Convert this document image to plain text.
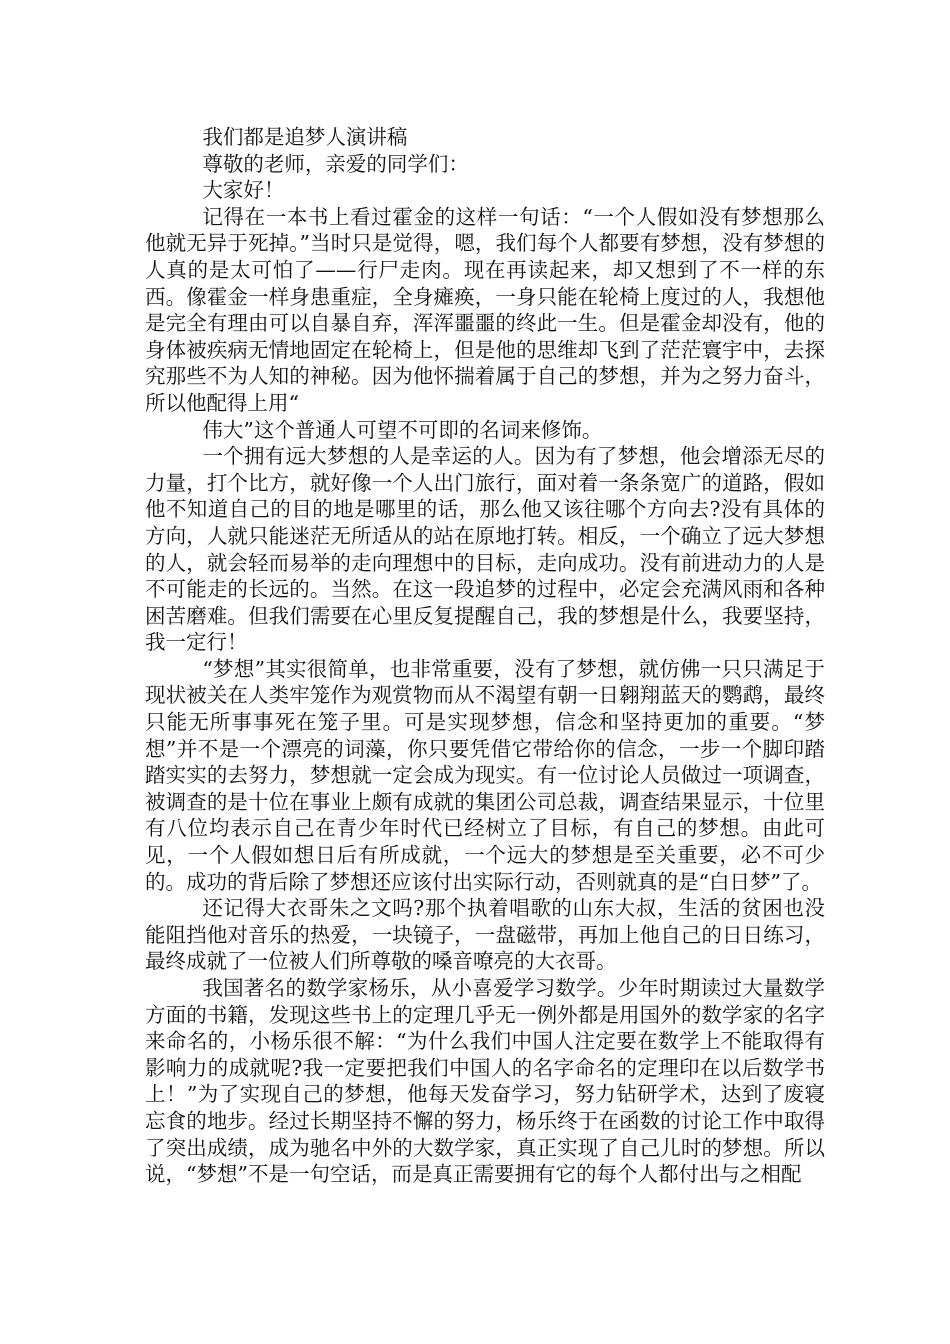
我们都是追梦人演讲稿

尊敬的老师，亲爱的同学们：

大家好！

记得在一本书上看过霍金的这样一句话：“一个人假如没有梦想那么他就无异于死掉。”当时只是觉得，嗯，我们每个人都要有梦想，没有梦想的人真的是太可怕了——行尸走肉。现在再读起来，却又想到了不一样的东西。像霍金一样身患重症，全身瘫痪，一身只能在轮椅上度过的人，我想他是完全有理由可以自暴自弃，浑浑噩噩的终此一生。但是霍金却没有，他的身体被疾病无情地固定在轮椅上，但是他的思维却飞到了茫茫寰宇中，去探究那些不为人知的神秘。因为他怀揣着属于自己的梦想，并为之努力奋斗，所以他配得上用“

伟大”这个普通人可望不可即的名词来修饰。

一个拥有远大梦想的人是幸运的人。因为有了梦想，他会增添无尽的力量，打个比方，就好像一个人出门旅行，面对着一条条宽广的道路，假如他不知道自己的目的地是哪里的话，那么他又该往哪个方向去?没有具体的方向，人就只能迷茫无所适从的站在原地打转。相反，一个确立了远大梦想的人，就会轻而易举的走向理想中的目标，走向成功。没有前进动力的人是不可能走的长远的。当然。在这一段追梦的过程中，必定会充满风雨和各种困苦磨难。但我们需要在心里反复提醒自己，我的梦想是什么，我要坚持，我一定行！

“梦想”其实很简单，也非常重要，没有了梦想，就仿佛一只只满足于现状被关在人类牢笼作为观赏物而从不渴望有朝一日翱翔蓝天的鹦鹉，最终只能无所事事死在笼子里。可是实现梦想，信念和坚持更加的重要。“梦想”并不是一个漂亮的词藻，你只要凭借它带给你的信念，一步一个脚印踏踏实实的去努力，梦想就一定会成为现实。有一位讨论人员做过一项调查，被调查的是十位在事业上颇有成就的集团公司总裁，调查结果显示，十位里有八位均表示自己在青少年时代已经树立了目标，有自己的梦想。由此可见，一个人假如想日后有所成就，一个远大的梦想是至关重要，必不可少的。成功的背后除了梦想还应该付出实际行动，否则就真的是“白日梦”了。

还记得大衣哥朱之文吗?那个执着唱歌的山东大叔，生活的贫困也没能阻挡他对音乐的热爱，一块镜子，一盘磁带，再加上他自己的日日练习，最终成就了一位被人们所尊敬的嗓音嘹亮的大衣哥。

我国著名的数学家杨乐，从小喜爱学习数学。少年时期读过大量数学方面的书籍，发现这些书上的定理几乎无一例外都是用国外的数学家的名字来命名的，小杨乐很不解：“为什么我们中国人注定要在数学上不能取得有影响力的成就呢?我一定要把我们中国人的名字命名的定理印在以后数学书上！”为了实现自己的梦想，他每天发奋学习，努力钻研学术，达到了废寝忘食的地步。经过长期坚持不懈的努力，杨乐终于在函数的讨论工作中取得了突出成绩，成为驰名中外的大数学家，真正实现了自己儿时的梦想。所以说，“梦想”不是一句空话，而是真正需要拥有它的每个人都付出与之相配
